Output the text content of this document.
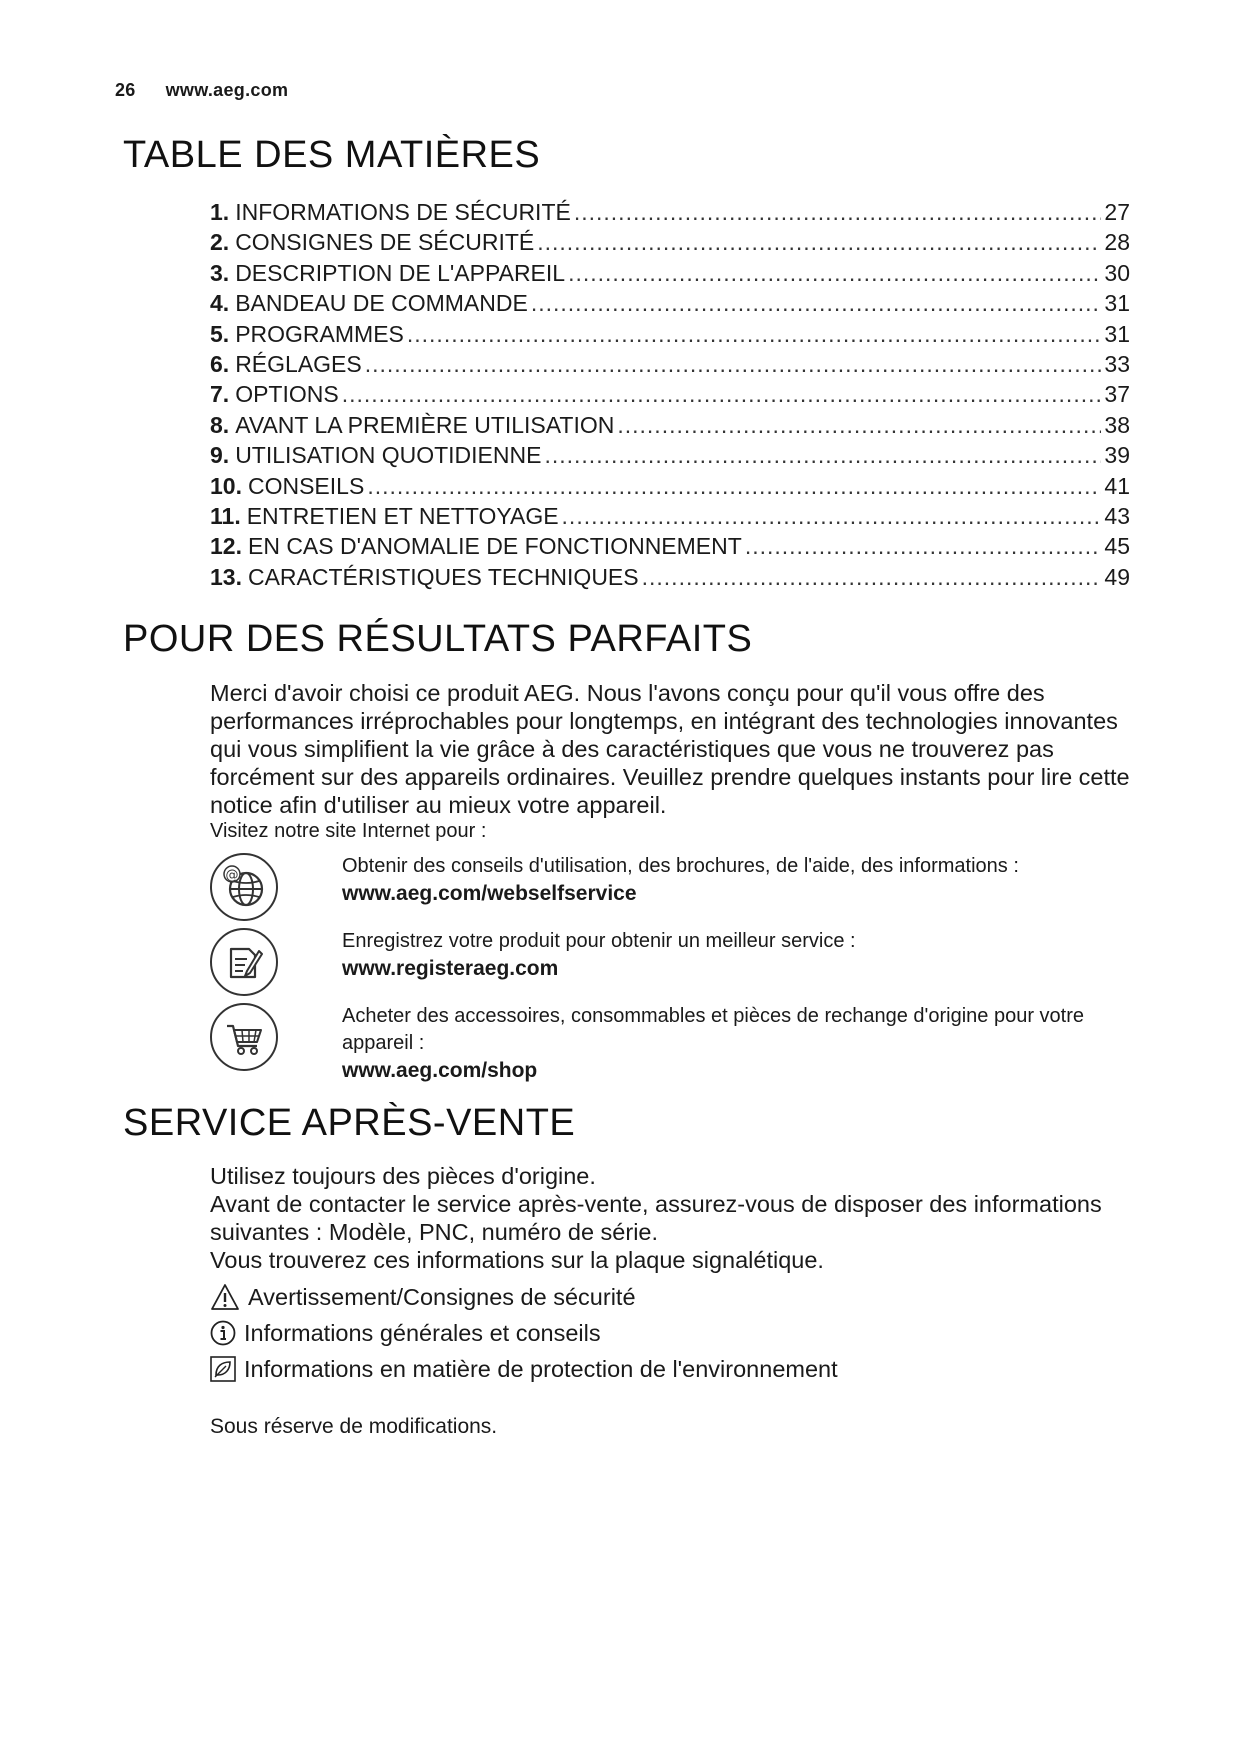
26 www.aeg.com
TABLE DES MATIÈRES
1. INFORMATIONS DE SÉCURITÉ .....	27
2. CONSIGNES DE SÉCURITÉ .....	28
3. DESCRIPTION DE L'APPAREIL .....	30
4. BANDEAU DE COMMANDE .....	31
5. PROGRAMMES .....	31
6. RÉGLAGES .....	33
7. OPTIONS .....	37
8. AVANT LA PREMIÈRE UTILISATION .....	38
9. UTILISATION QUOTIDIENNE .....	39
10. CONSEILS .....	41
11. ENTRETIEN ET NETTOYAGE .....	43
12. EN CAS D'ANOMALIE DE FONCTIONNEMENT .....	45
13. CARACTÉRISTIQUES TECHNIQUES .....	49
POUR DES RÉSULTATS PARFAITS

Merci d'avoir choisi ce produit AEG. Nous l'avons conçu pour qu'il vous offre des performances irréprochables pour longtemps, en intégrant des technologies innovantes qui vous simplifient la vie grâce à des caractéristiques que vous ne trouverez pas forcément sur des appareils ordinaires. Veuillez prendre quelques instants pour lire cette notice afin d'utiliser au mieux votre appareil.

Visitez notre site Internet pour :

@	Obtenir des conseils d'utilisation, des brochures, de l'aide, des informations :
www.aeg.com/webselfservice
Enregistrez votre produit pour obtenir un meilleur service :
www.registeraeg.com
Acheter des accessoires, consommables et pièces de rechange d'origine pour votre appareil :
www.aeg.com/shop
SERVICE APRÈS-VENTE
Utilisez toujours des pièces d'origine.
Avant de contacter le service après-vente, assurez-vous de disposer des informations suivantes : Modèle, PNC, numéro de série.
Vous trouverez ces informations sur la plaque signalétique.
Avertissement/Consignes de sécurité
Informations générales et conseils
Informations en matière de protection de l'environnement

Sous réserve de modifications.
